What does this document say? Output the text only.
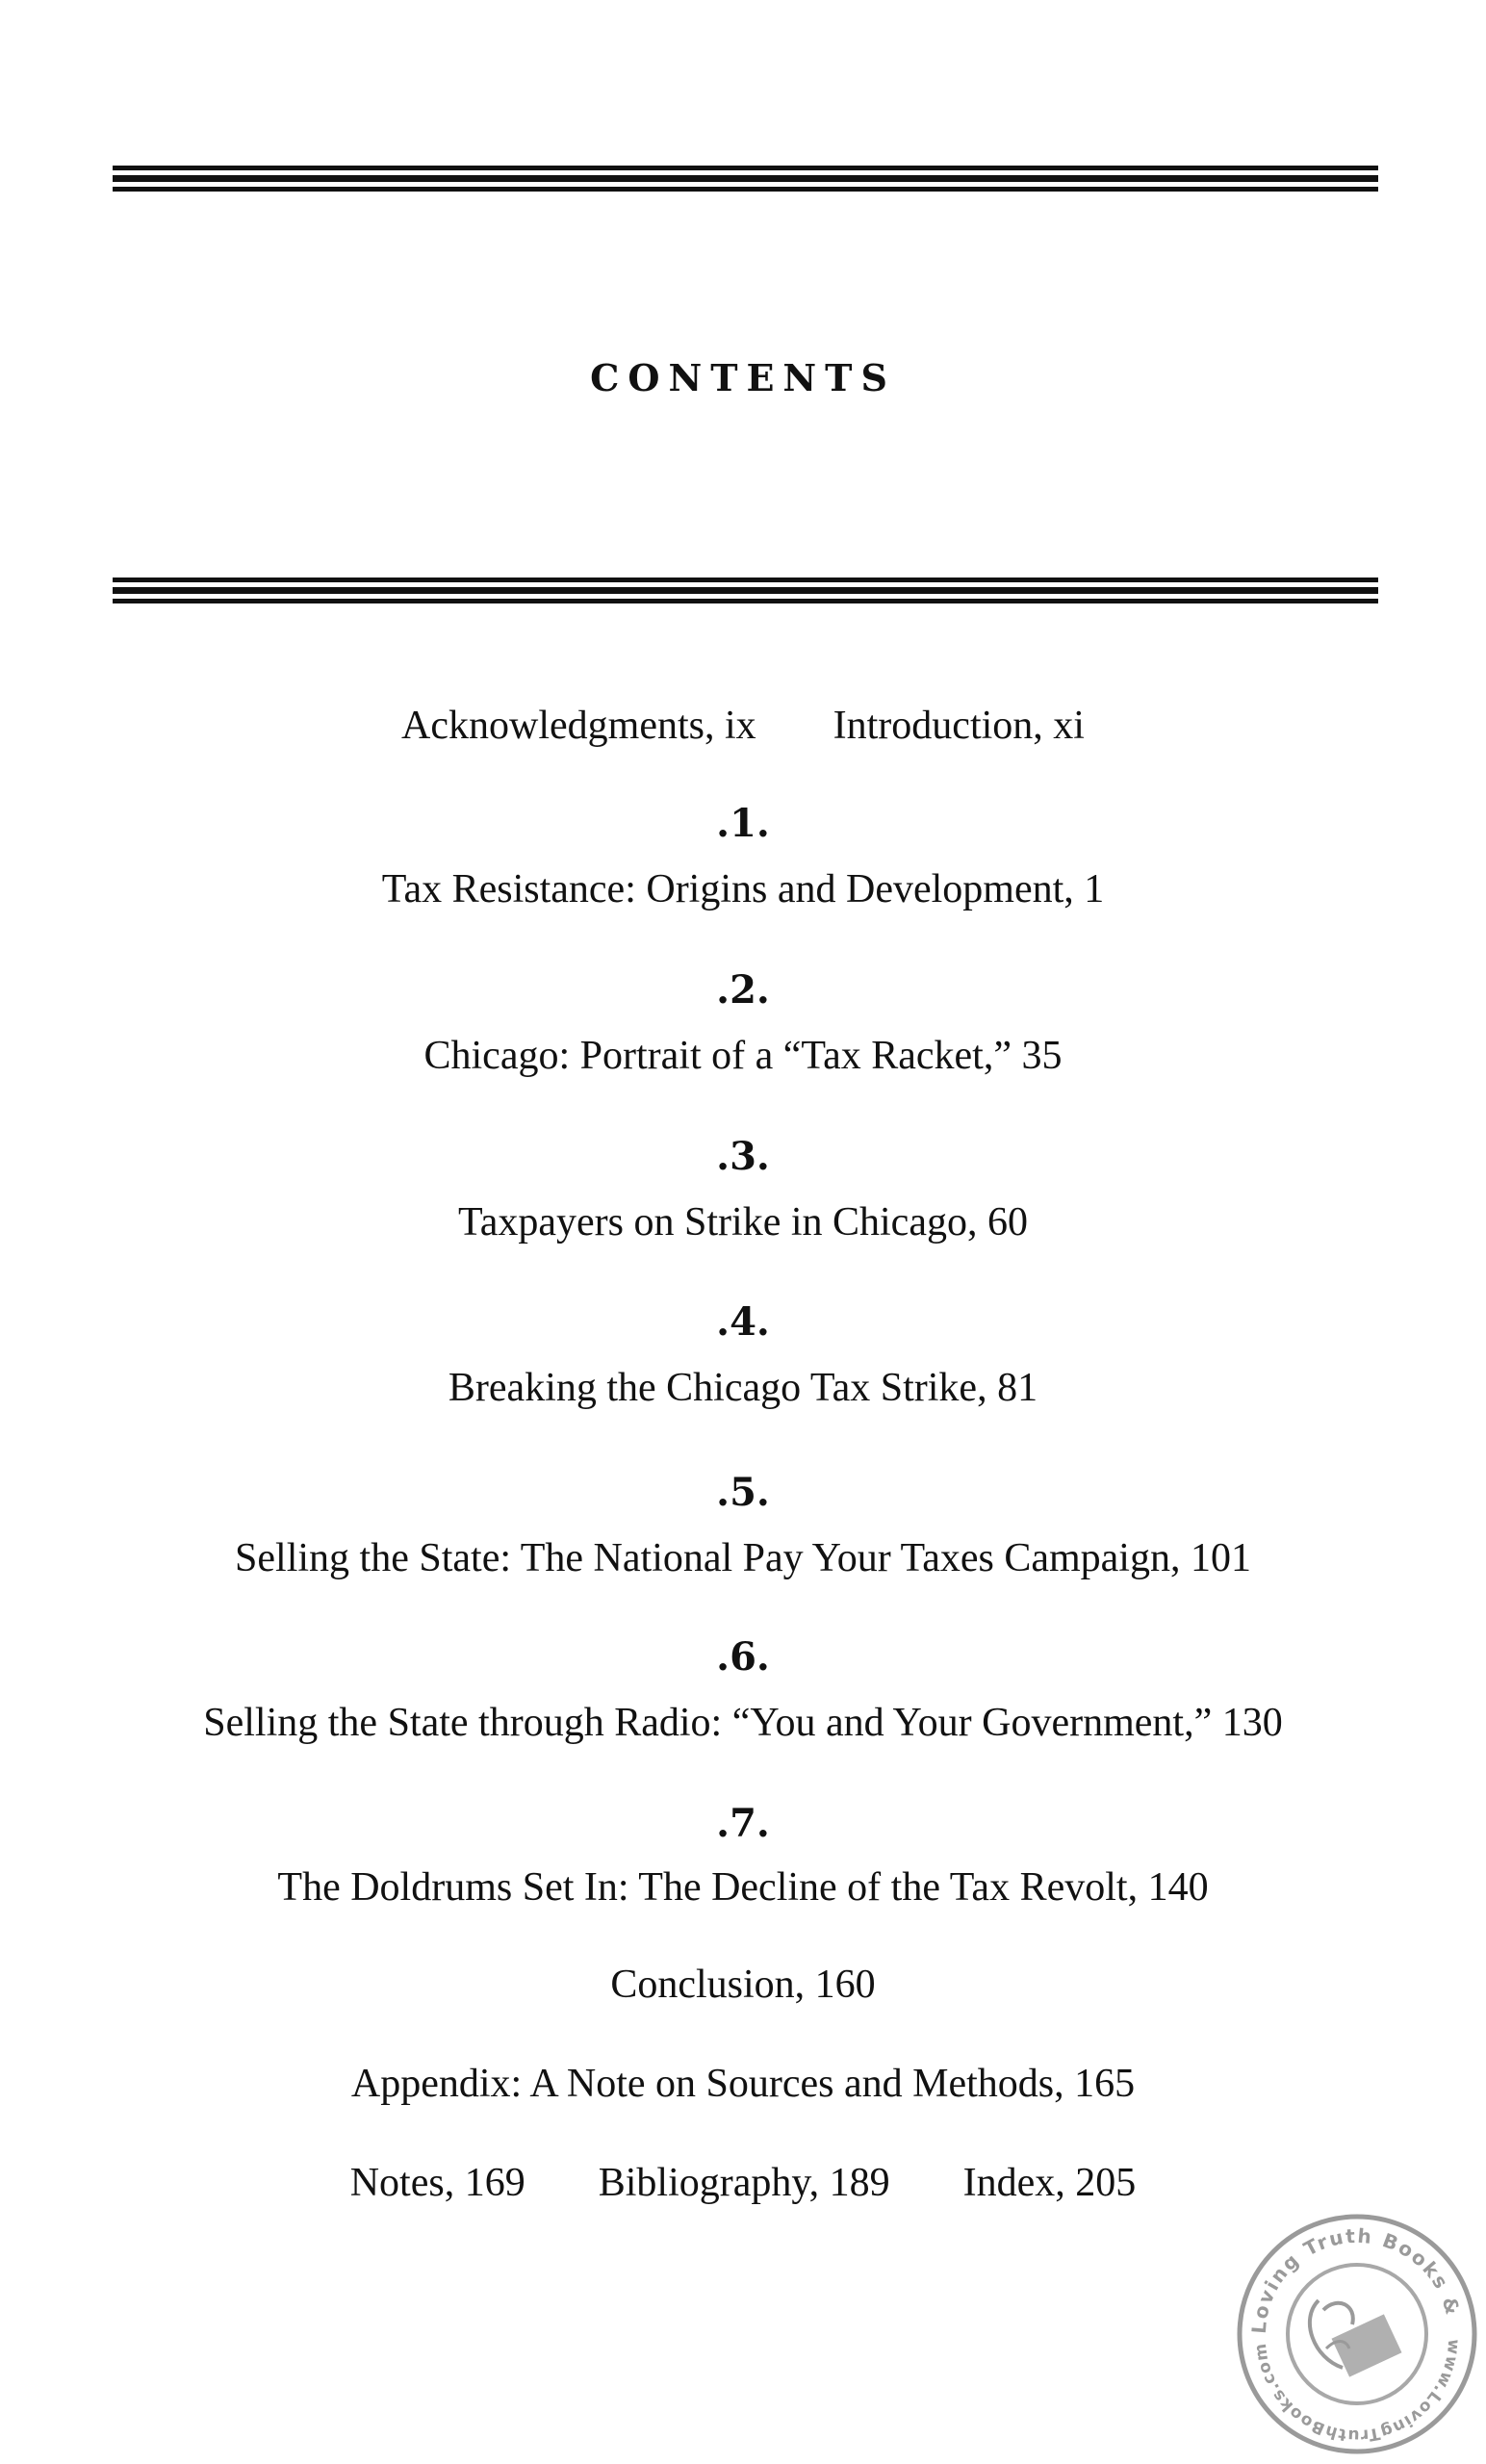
CONTENTS
Acknowledgments, ix Introduction, xi
.1.
Tax Resistance: Origins and Development, 1
.2.
Chicago: Portrait of a “Tax Racket,” 35
.3.
Taxpayers on Strike in Chicago, 60
.4.
Breaking the Chicago Tax Strike, 81
.5.
Selling the State: The National Pay Your Taxes Campaign, 101
.6.
Selling the State through Radio: “You and Your Government,” 130
.7.
The Doldrums Set In: The Decline of the Tax Revolt, 140
Conclusion, 160
Appendix: A Note on Sources and Methods, 165
Notes, 169 Bibliography, 189 Index, 205
Loving Truth Books &
www.LovingTruthBooks.com
